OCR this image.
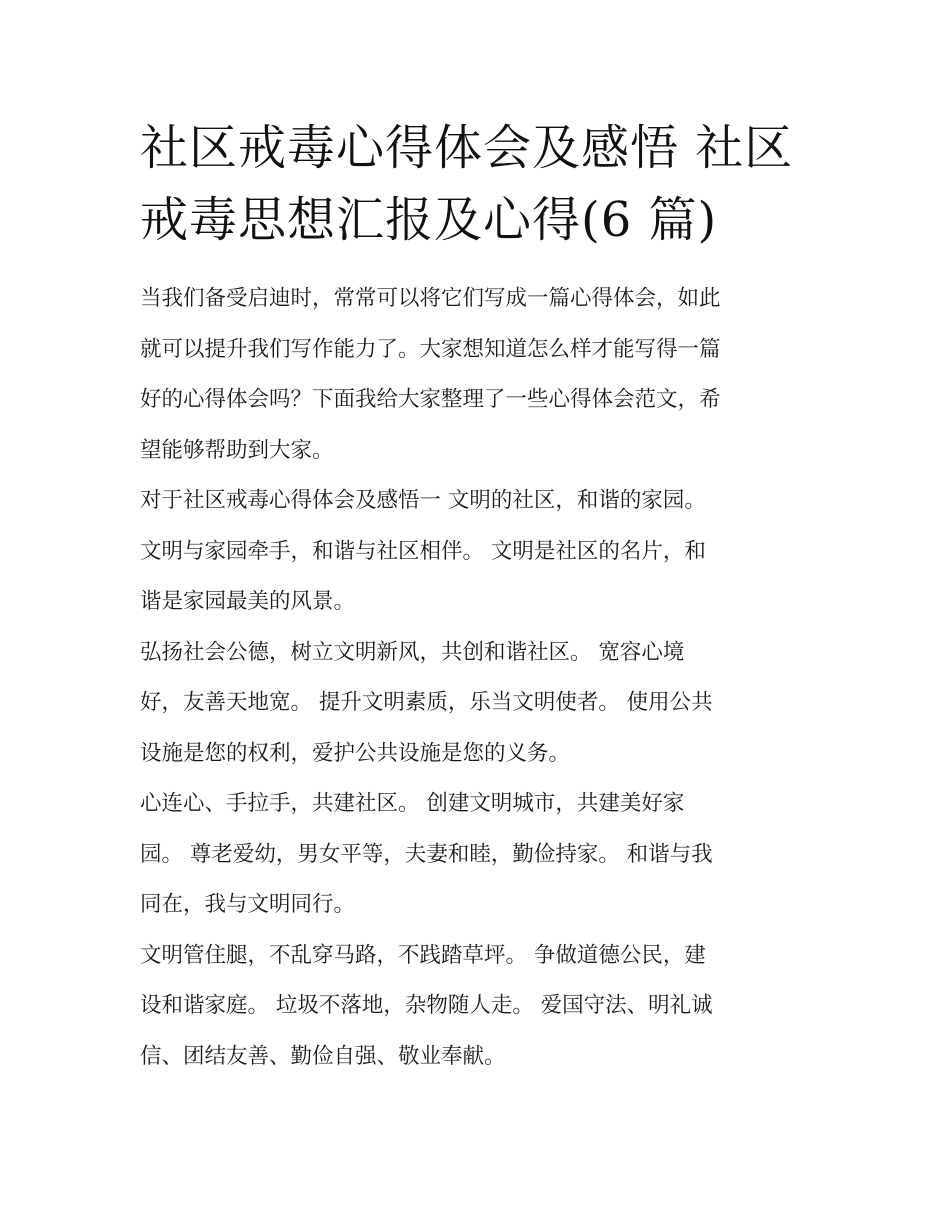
社区戒毒心得体会及感悟 社区
戒毒思想汇报及心得(6 篇)

当我们备受启迪时，常常可以将它们写成一篇心得体会，如此
就可以提升我们写作能力了。大家想知道怎么样才能写得一篇
好的心得体会吗？下面我给大家整理了一些心得体会范文，希
望能够帮助到大家。

对于社区戒毒心得体会及感悟一 文明的社区，和谐的家园。
文明与家园牵手，和谐与社区相伴。 文明是社区的名片，和
谐是家园最美的风景。

弘扬社会公德，树立文明新风，共创和谐社区。 宽容心境
好，友善天地宽。 提升文明素质，乐当文明使者。 使用公共
设施是您的权利，爱护公共设施是您的义务。

心连心、手拉手，共建社区。 创建文明城市，共建美好家
园。 尊老爱幼，男女平等，夫妻和睦，勤俭持家。 和谐与我
同在，我与文明同行。

文明管住腿，不乱穿马路，不践踏草坪。 争做道德公民，建
设和谐家庭。 垃圾不落地，杂物随人走。 爱国守法、明礼诚
信、团结友善、勤俭自强、敬业奉献。
